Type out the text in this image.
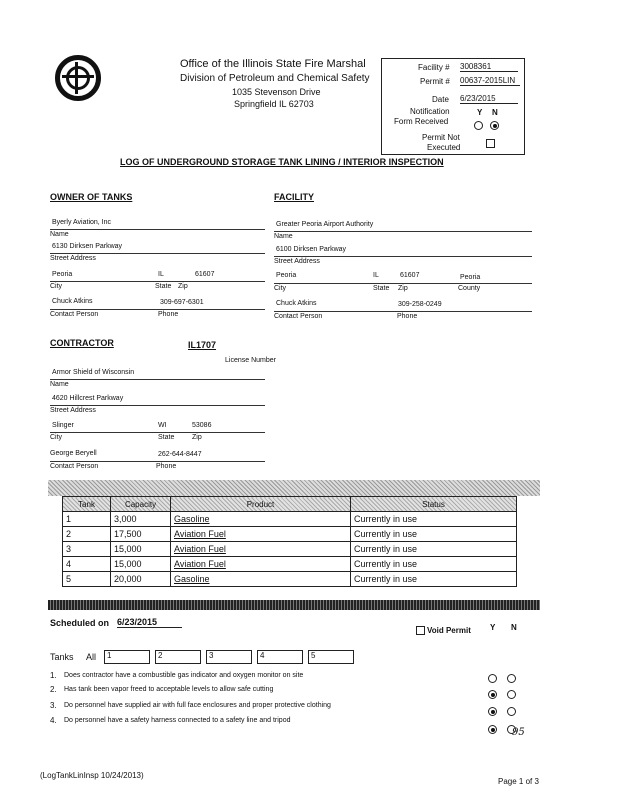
Office of the Illinois State Fire Marshal
Division of Petroleum and Chemical Safety
1035 Stevenson Drive
Springfield IL 62703
Facility # 3008361
Permit # 00637-2015LIN
Date 6/23/2015
Notification
Form Received
Y N
Permit Not
Executed
LOG OF UNDERGROUND STORAGE TANK LINING / INTERIOR INSPECTION
OWNER OF TANKS
Byerly Aviation, Inc
Name
6130 Dirksen Parkway
Street Address
Peoria	IL	61607
City	State Zip
Chuck Atkins	309-697-6301
Contact Person	Phone
FACILITY
Greater Peoria Airport Authority
Name
6100 Dirksen Parkway
Street Address
Peoria	IL	61607	Peoria
City	State Zip	County
Chuck Atkins	309-258-0249
Contact Person	Phone
CONTRACTOR	IL1707
License Number
Armor Shield of Wisconsin
Name
4620 Hillcrest Parkway
Street Address
Slinger	WI	53086
City	State	Zip
George Beryell	262-644-8447
Contact Person	Phone
Tank	Capacity	Product	Status
1	3,000	Gasoline	Currently in use
2	17,500	Aviation Fuel	Currently in use
3	15,000	Aviation Fuel	Currently in use
4	15,000	Aviation Fuel	Currently in use
5	20,000	Gasoline	Currently in use
Scheduled on 6/23/2015
Void Permit Y N
Tanks All	1	2	3	4	5
1. Does contractor have a combustible gas indicator and oxygen monitor on site
2. Has tank been vapor freed to acceptable levels to allow safe cutting
3. Do personnel have supplied air with full face enclosures and proper protective clothing
4. Do personnel have a safety harness connected to a safety line and tripod
95
(LogTankLinInsp 10/24/2013)
Page 1 of 3
